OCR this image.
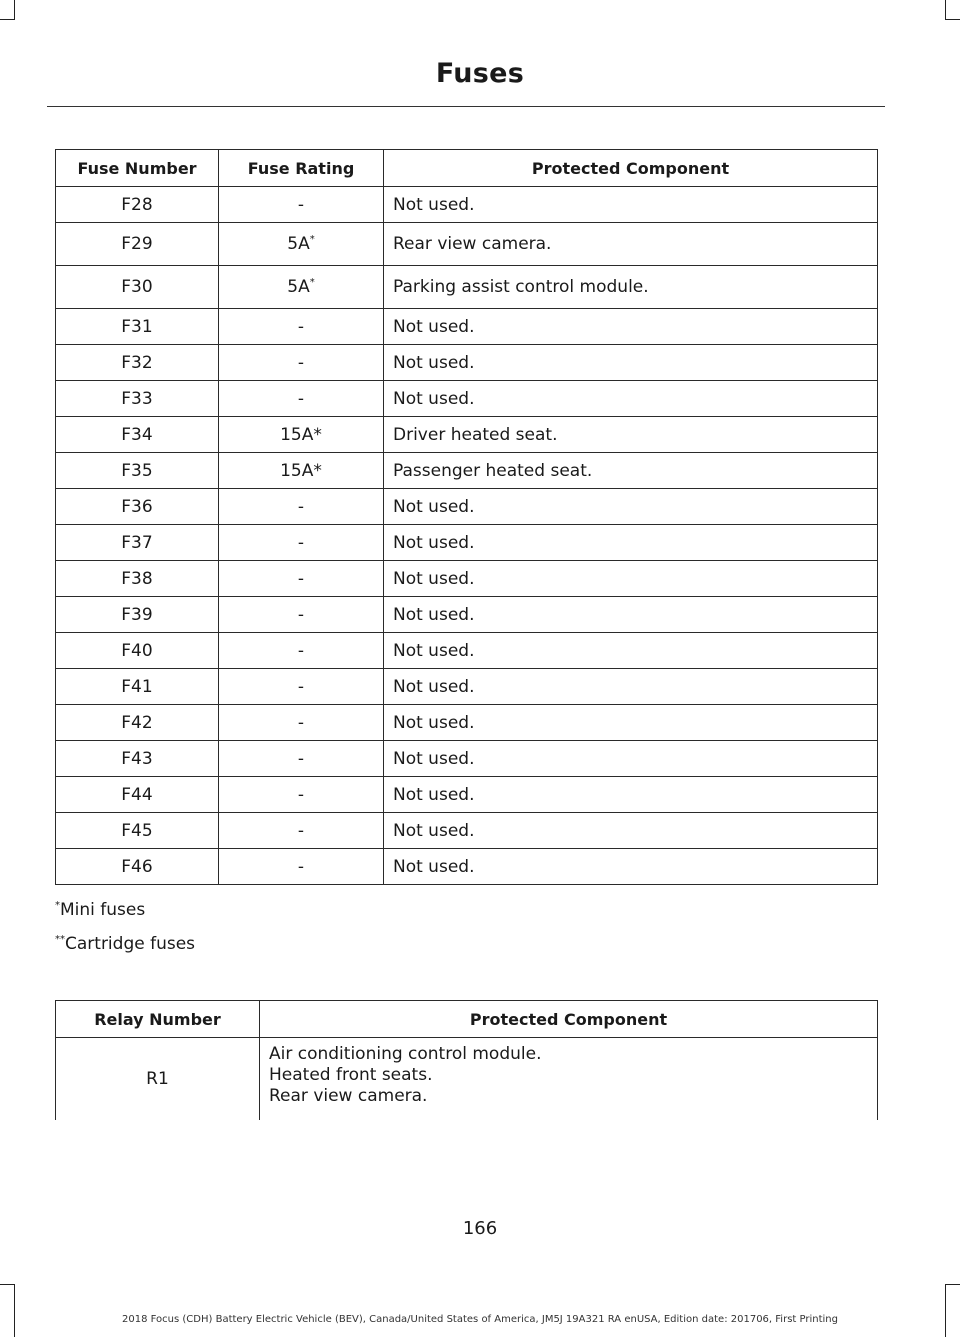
Fuses
Fuse Number	Fuse Rating	Protected Component
F28	-	Not used.
F29	5A*	Rear view camera.
F30	5A*	Parking assist control module.
F31	-	Not used.
F32	-	Not used.
F33	-	Not used.
F34	15A*	Driver heated seat.
F35	15A*	Passenger heated seat.
F36	-	Not used.
F37	-	Not used.
F38	-	Not used.
F39	-	Not used.
F40	-	Not used.
F41	-	Not used.
F42	-	Not used.
F43	-	Not used.
F44	-	Not used.
F45	-	Not used.
F46	-	Not used.
*Mini fuses
**Cartridge fuses
Relay Number	Protected Component
R1	Air conditioning control module.
Heated front seats.
Rear view camera.
166
2018 Focus (CDH) Battery Electric Vehicle (BEV), Canada/United States of America, JM5J 19A321 RA enUSA, Edition date: 201706, First Printing
